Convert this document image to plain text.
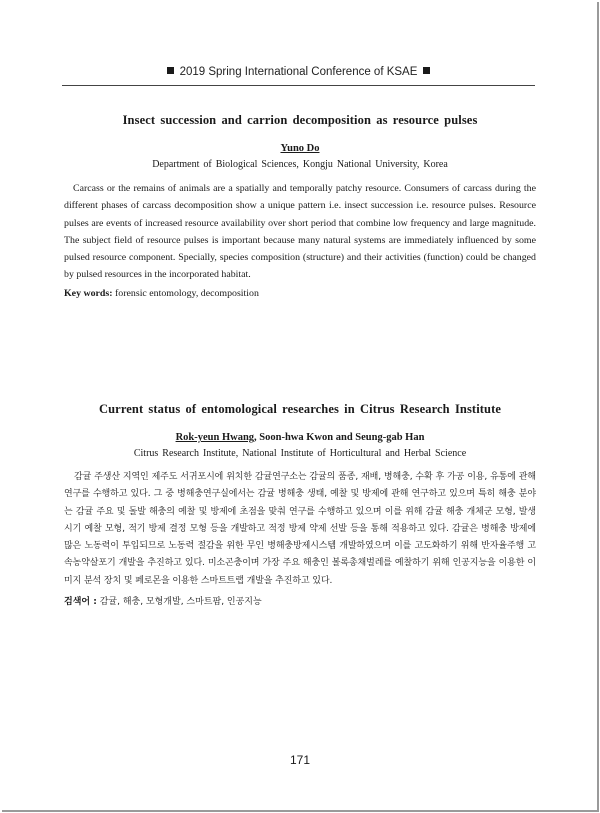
2019 Spring International Conference of KSAE
Insect succession and carrion decomposition as resource pulses
Yuno Do
Department of Biological Sciences, Kongju National University, Korea
Carcass or the remains of animals are a spatially and temporally patchy resource. Consumers of carcass during the different phases of carcass decomposition show a unique pattern i.e. insect succession i.e. resource pulses. Resource pulses are events of increased resource availability over short period that combine low frequency and large magnitude. The subject field of resource pulses is important because many natural systems are immediately influenced by some pulsed resource component. Specially, species composition (structure) and their activities (function) could be changed by pulsed resources in the incorporated habitat.
Key words: forensic entomology, decomposition
Current status of entomological researches in Citrus Research Institute
Rok-yeun Hwang, Soon-hwa Kwon and Seung-gab Han
Citrus Research Institute, National Institute of Horticultural and Herbal Science
감귤 주생산 지역인 제주도 서귀포시에 위치한 감귤연구소는 감귤의 품종, 재배, 병해충, 수확 후 가공 이용, 유통에 관해 연구를 수행하고 있다. 그 중 병해충연구실에서는 감귤 병해충 생태, 예찰 및 방제에 관해 연구하고 있으며 특히 해충 분야는 감귤 주요 및 돌발 해충의 예찰 및 방제에 초점을 맞춰 연구를 수행하고 있으며 이를 위해 감귤 해충 개체군 모형, 발생 시기 예찰 모형, 적기 방제 결정 모형 등을 개발하고 적정 방제 약제 선발 등을 통해 적용하고 있다. 감귤은 병해충 방제에 많은 노동력이 투입되므로 노동력 절감을 위한 무인 병해충방제시스템 개발하였으며 이를 고도화하기 위해 반자율주행 고속농약살포기 개발을 추진하고 있다. 미소곤충이며 가장 주요 해충인 볼록총채벌레를 예찰하기 위해 인공지능을 이용한 이미지 분석 장치 및 페로몬을 이용한 스마트트랩 개발을 추진하고 있다.
검색어 : 감귤, 해충, 모형개발, 스마트팜, 인공지능
171
